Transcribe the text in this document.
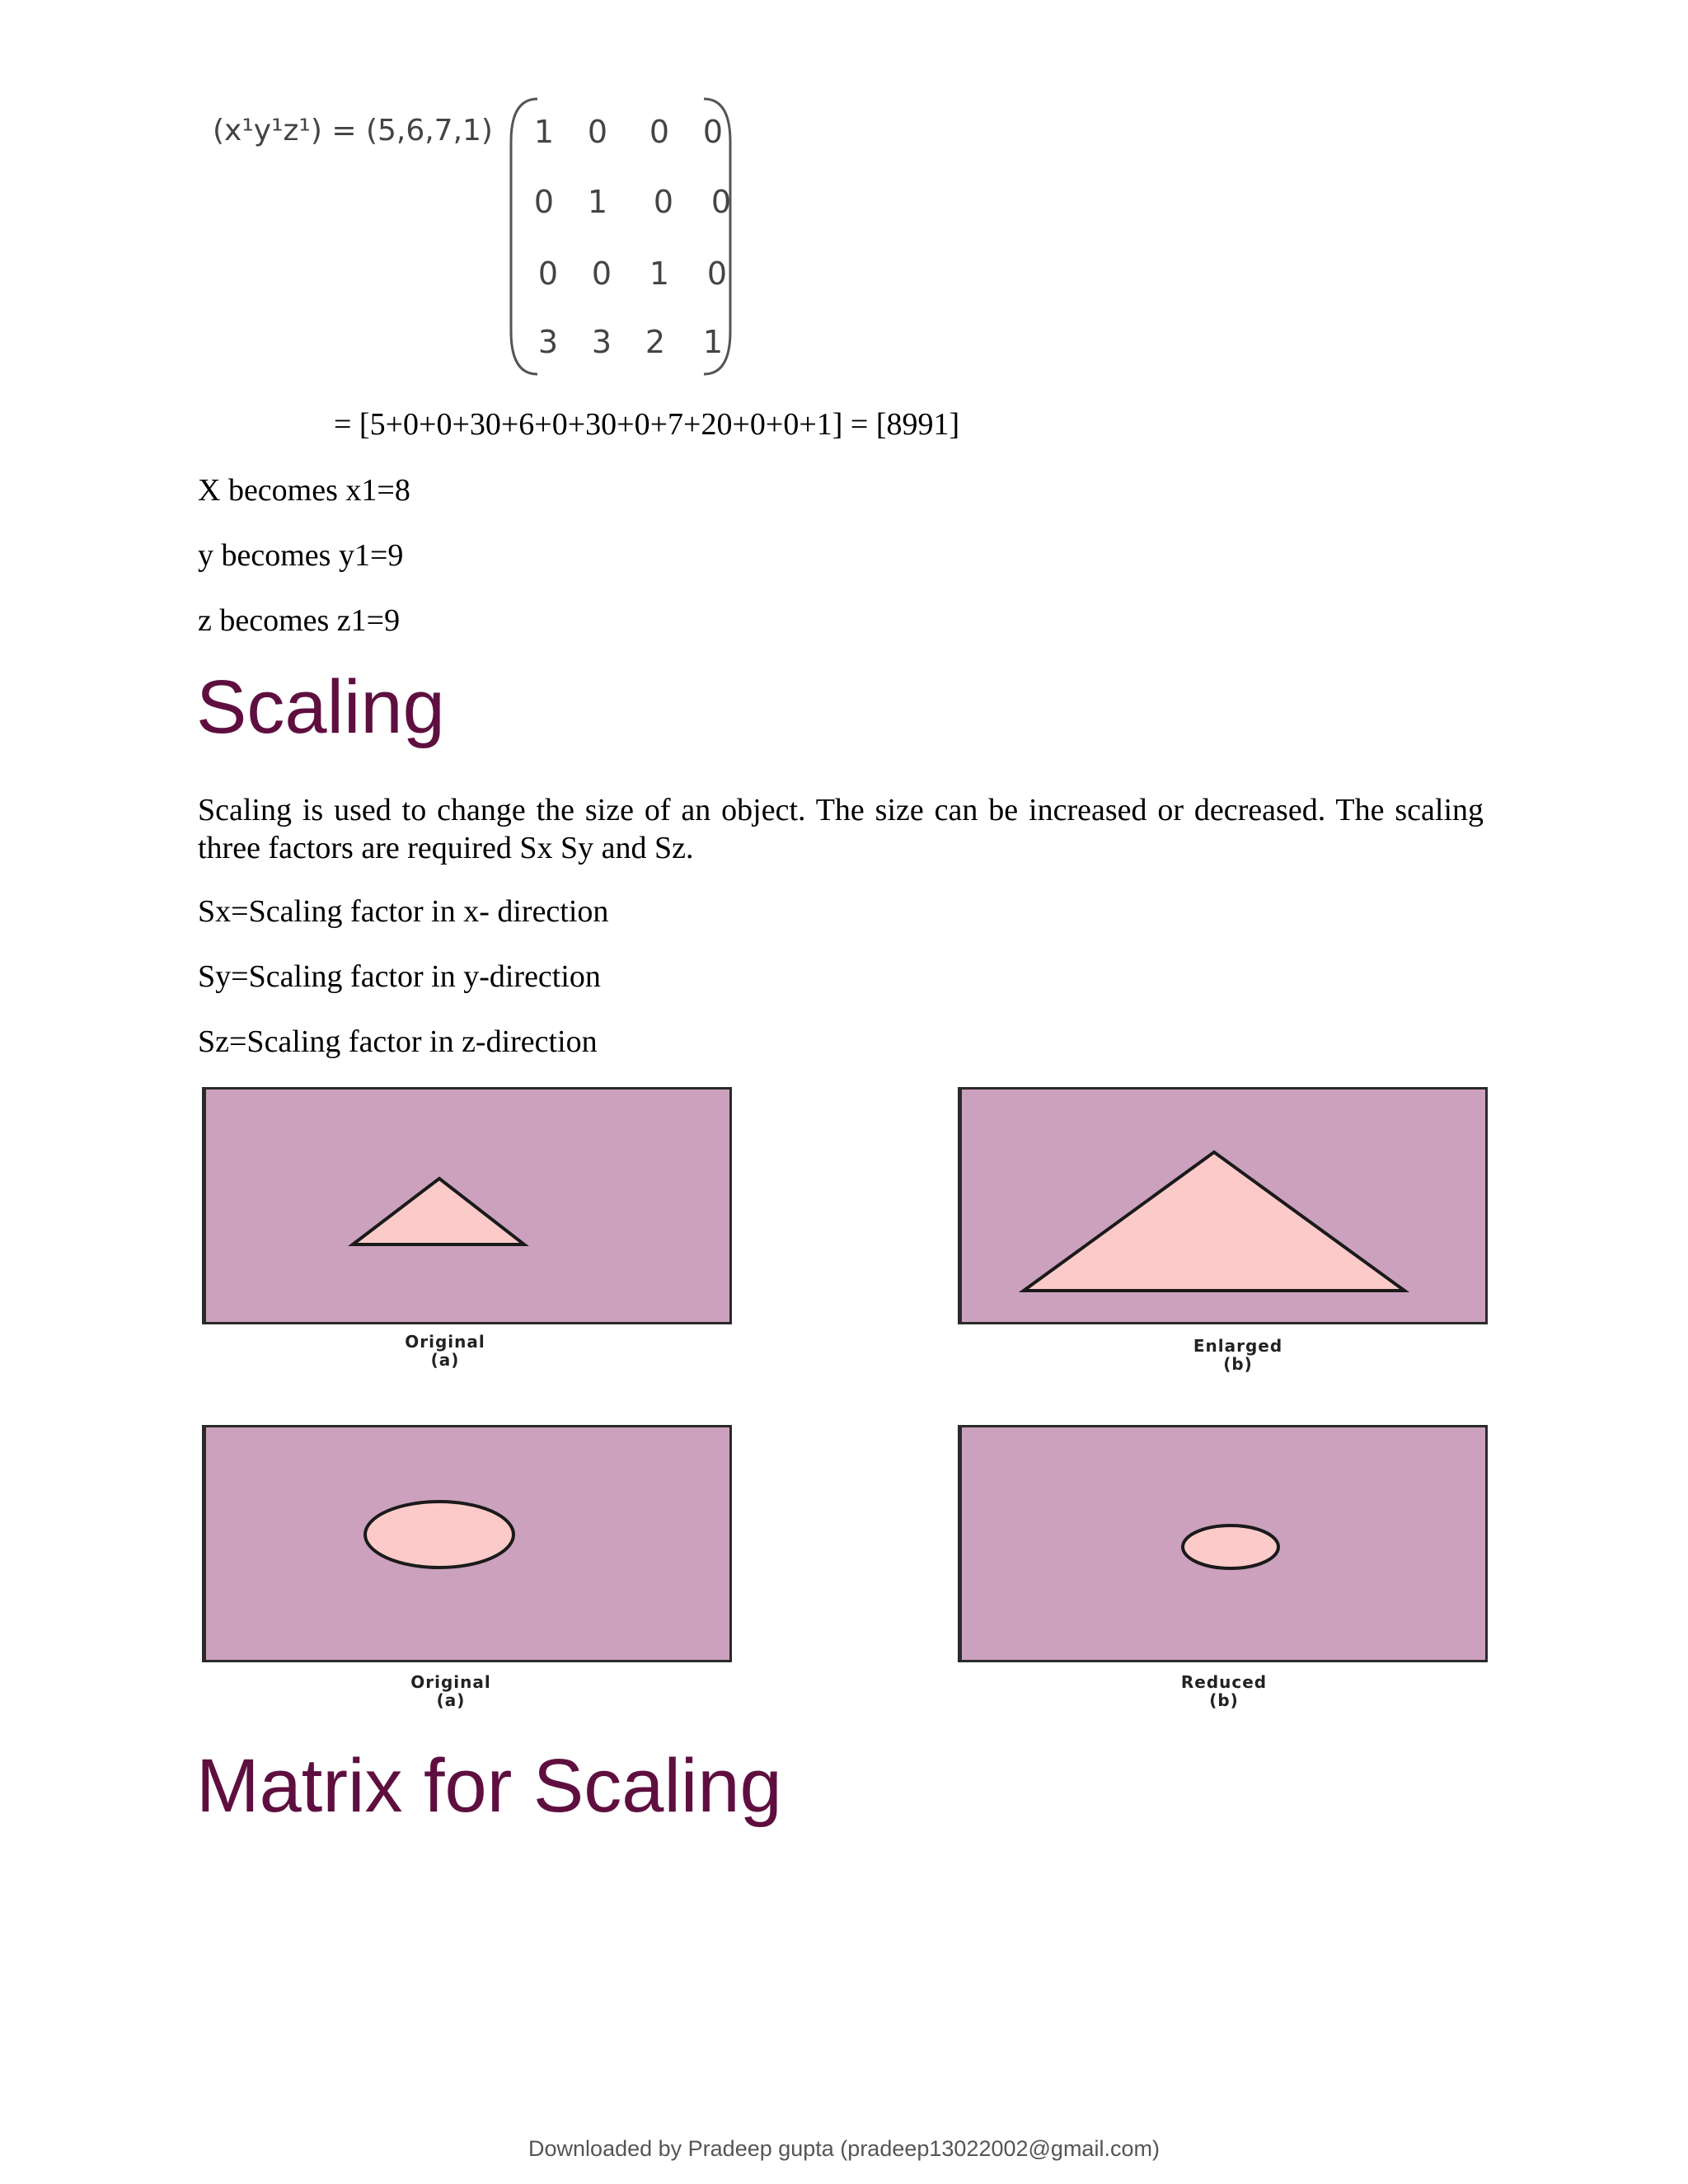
(x¹y¹z¹) = (5,6,7,1)	1	0	0	0
0	1	0	0
0	0	1	0
3	3	2	1
= [5+0+0+30+6+0+30+0+7+20+0+0+1] = [8991]
X becomes x1=8
y becomes y1=9
z becomes z1=9
Scaling
Scaling is used to change the size of an object. The size can be increased or decreased. The scaling three factors are required Sx Sy and Sz.
Sx=Scaling factor in x- direction
Sy=Scaling factor in y-direction
Sz=Scaling factor in z-direction
Original
(a)
Enlarged
(b)
Original
(a)
Reduced
(b)
Matrix for Scaling
Downloaded by Pradeep gupta (pradeep13022002@gmail.com)
